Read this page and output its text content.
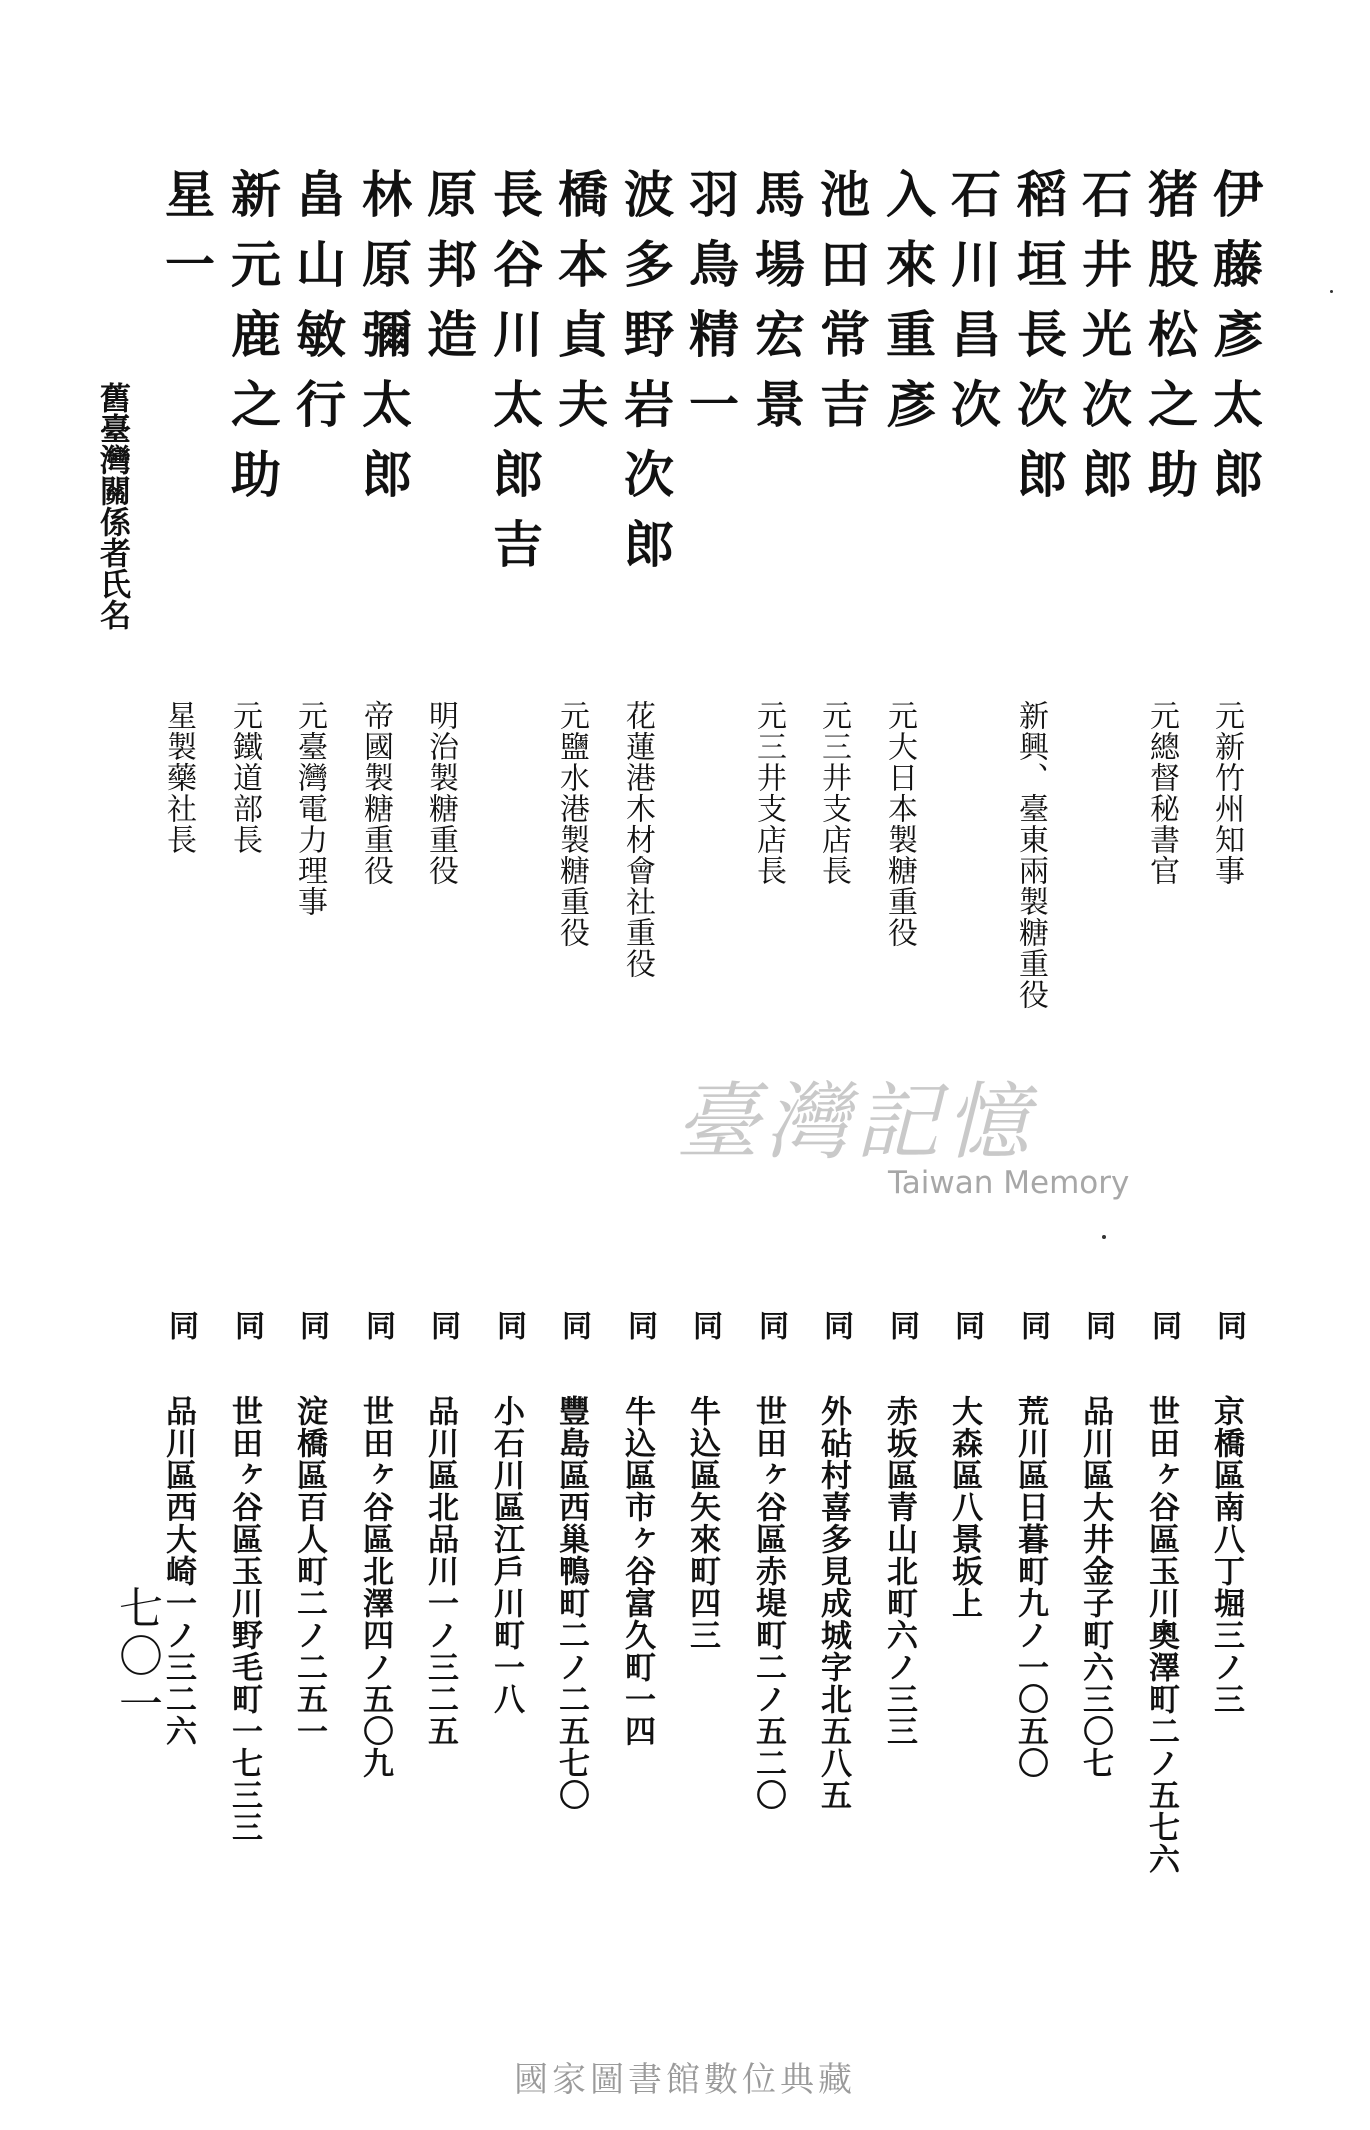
伊藤彥太郎
元新竹州知事
同
京橋區南八丁堀三ノ三
猪股松之助
元總督秘書官
同
世田ヶ谷區玉川奧澤町二ノ五七六
石井光次郎
同
品川區大井金子町六三〇七
稻垣長次郎
新興、臺東兩製糖重役
同
荒川區日暮町九ノ一〇五〇
石川昌次
同
大森區八景坂上
入來重彥
元大日本製糖重役
同
赤坂區青山北町六ノ三三
池田常吉
元三井支店長
同
外砧村喜多見成城字北五八五
馬場宏景
元三井支店長
同
世田ヶ谷區赤堤町二ノ五二〇
羽鳥精一
同
牛込區矢來町四三
波多野岩次郎
花蓮港木材會社重役
同
牛込區市ヶ谷富久町一四
橋本貞夫
元鹽水港製糖重役
同
豐島區西巢鴨町二ノ二五七〇
長谷川太郎吉
同
小石川區江戶川町一八
原邦造
明治製糖重役
同
品川區北品川一ノ三二五
林原彌太郎
帝國製糖重役
同
世田ヶ谷區北澤四ノ五〇九
畠山敏行
元臺灣電力理事
同
淀橋區百人町二ノ二五一
新元鹿之助
元鐵道部長
同
世田ヶ谷區玉川野毛町一七三三
星一
星製藥社長
同
品川區西大崎一ノ三二六
舊臺灣關係者氏名
臺灣記憶
Taiwan Memory
七〇一
國家圖書館數位典藏
